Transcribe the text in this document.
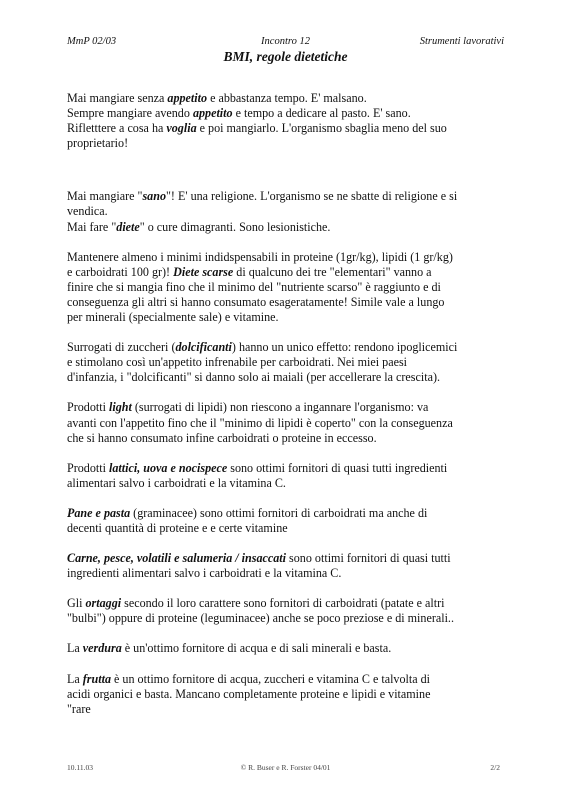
MmP 02/03	Incontro 12	Strumenti lavorativi
BMI, regole dietetiche

Mai mangiare senza appetito e abbastanza tempo. E' malsano.
Sempre mangiare avendo appetito e tempo a dedicare al pasto. E' sano.
Rifletttere a cosa ha voglia e poi mangiarlo. L'organismo sbaglia meno del suo
proprietario!

Mai mangiare "sano"! E' una religione. L'organismo se ne sbatte di religione e si
vendica.
Mai fare "diete" o cure dimagranti. Sono lesionistiche.

Mantenere almeno i minimi indidspensabili in proteine (1gr/kg), lipidi (1 gr/kg)
e carboidrati 100 gr)! Diete scarse di qualcuno dei tre "elementari" vanno a
finire che si mangia fino che il minimo del "nutriente scarso" è raggiunto e di
conseguenza gli altri si hanno consumato esageratamente! Simile vale a lungo
per minerali (specialmente sale) e vitamine.

Surrogati di zuccheri (dolcificanti) hanno un unico effetto: rendono ipoglicemici
e stimolano così un'appetito infrenabile per carboidrati. Nei miei paesi
d'infanzia, i "dolcificanti" si danno solo ai maiali (per accellerare la crescita).

Prodotti light (surrogati di lipidi) non riescono a ingannare l'organismo: va
avanti con l'appetito fino che il "minimo di lipidi è coperto" con la conseguenza
che si hanno consumato infine carboidrati o proteine in eccesso.

Prodotti lattici, uova e nocispece sono ottimi fornitori di quasi tutti ingredienti
alimentari salvo i carboidrati e la vitamina C.

Pane e pasta (graminacee) sono ottimi fornitori di carboidrati ma anche di
decenti quantità di proteine e e certe vitamine

Carne, pesce, volatili e salumeria / insaccati sono ottimi fornitori di quasi tutti
ingredienti alimentari salvo i carboidrati e la vitamina C.

Gli ortaggi secondo il loro carattere sono fornitori di carboidrati (patate e altri
"bulbi") oppure di proteine (leguminacee) anche se poco preziose e di minerali..

La verdura è un'ottimo fornitore di acqua e di sali minerali e basta.

La frutta è un ottimo fornitore di acqua, zuccheri e vitamina C e talvolta di
acidi organici e basta. Mancano completamente proteine e lipidi e vitamine
"rare

10.11.03	© R. Buser e R. Forster 04/01	2/2
